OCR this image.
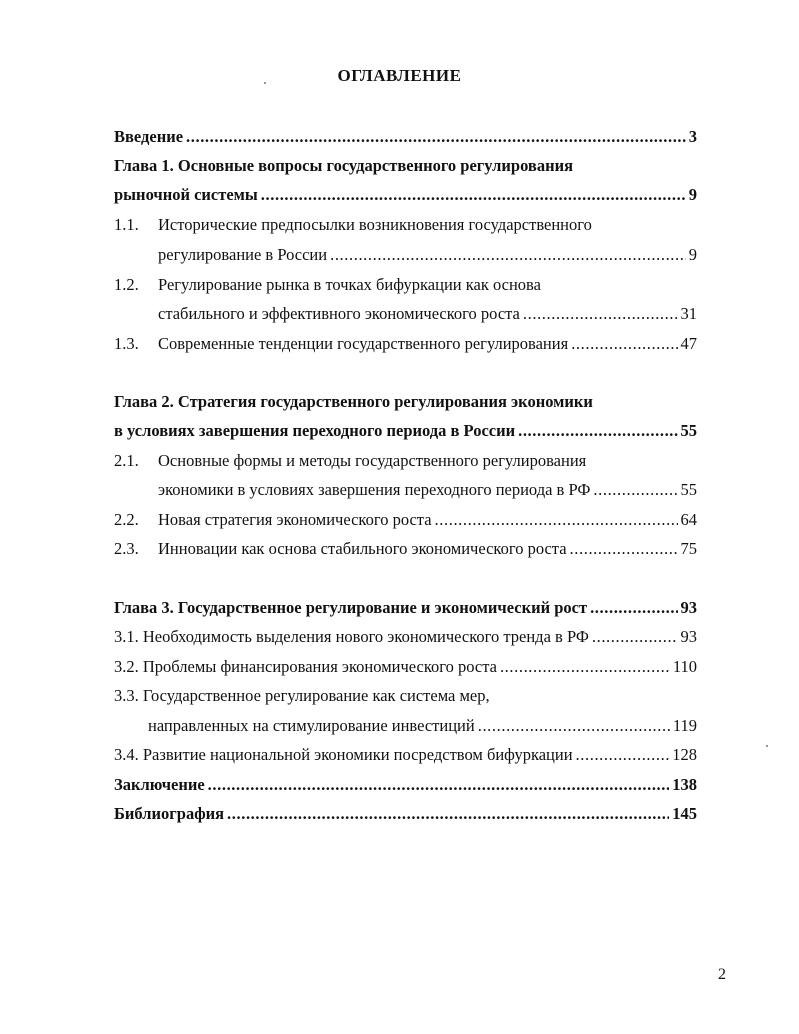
ОГЛАВЛЕНИЕ
Введение .....	3
Глава 1. Основные вопросы государственного регулирования
рыночной системы .....	9
1.1. Исторические предпосылки возникновения государственного
регулирование в России .....	9
1.2. Регулирование рынка в точках бифуркации как основа
стабильного и эффективного экономического роста .....	31
1.3.	Современные тенденции государственного регулирования .....	47
Глава 2. Стратегия государственного регулирования экономики
в условиях завершения переходного периода в России .....	55
2.1. Основные формы и методы государственного регулирования
экономики в условиях завершения переходного периода в РФ .....	55
2.2.	Новая стратегия экономического роста .....	64
2.3.	Инновации как основа стабильного экономического роста .....	75
Глава 3. Государственное регулирование и экономический рост .....	93
3.1. Необходимость выделения нового экономического тренда в РФ .....	93
3.2. Проблемы финансирования экономического роста .....	110
3.3. Государственное регулирование как система мер,
направленных на стимулирование инвестиций .....	119
3.4. Развитие национальной экономики посредством бифуркации .....	128
Заключение .....	138
Библиография .....	145
2
